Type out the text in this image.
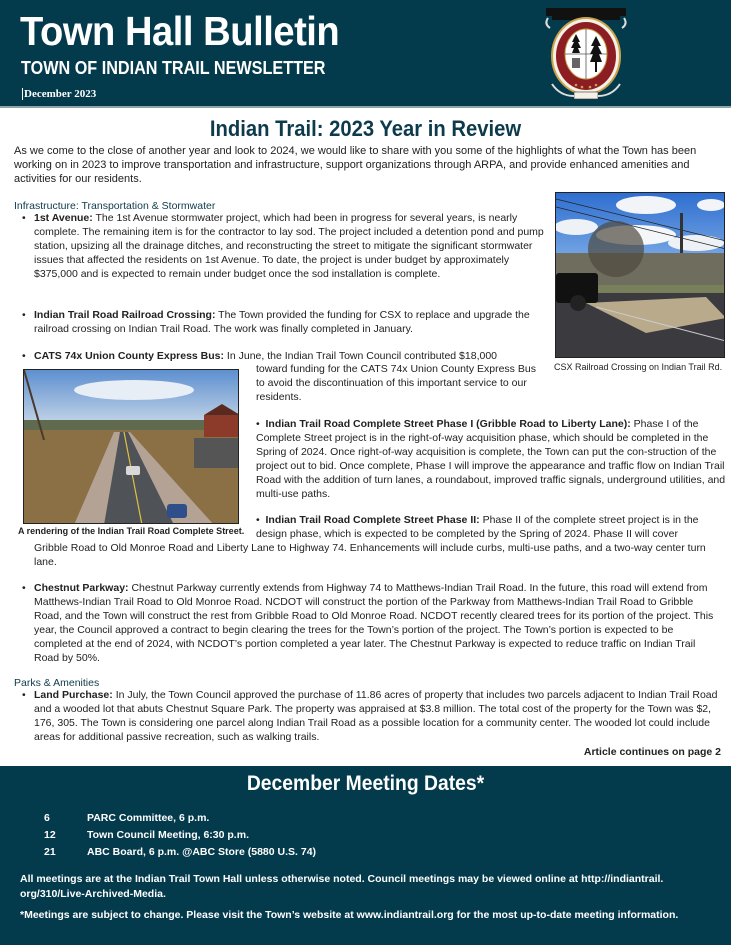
Town Hall Bulletin
TOWN OF INDIAN TRAIL NEWSLETTER
December 2023
Indian Trail: 2023 Year in Review

As we come to the close of another year and look to 2024, we would like to share with you some of the highlights of what the Town has been working on in 2023 to improve transportation and infrastructure, support organizations through ARPA, and provide enhanced amenities and activities for our residents.

Infrastructure: Transportation & Stormwater
• 1st Avenue: The 1st Avenue stormwater project, which had been in progress for several years, is nearly complete. The remaining item is for the contractor to lay sod. The project included a detention pond and pump station, upsizing all the drainage ditches, and reconstructing the street to mitigate the significant stormwater issues that affected the residents on 1st Avenue. To date, the project is under budget by approximately $375,000 and is expected to remain under budget once the sod installation is complete.
• Indian Trail Road Railroad Crossing: The Town provided the funding for CSX to replace and upgrade the railroad crossing on Indian Trail Road. The work was finally completed in January.
• CATS 74x Union County Express Bus: In June, the Indian Trail Town Council contributed $18,000
toward funding for the CATS 74x Union County Express Bus to avoid the discontinuation of this important service to our residents.
•  Indian Trail Road Complete Street Phase I (Gribble Road to Liberty Lane): Phase I of the Complete Street project is in the right-of-way acquisition phase, which should be completed in the Spring of 2024. Once right-of-way acquisition is complete, the Town can put the con-struction of the project out to bid. Once complete, Phase I will improve the appearance and traffic flow on Indian Trail Road with the addition of turn lanes, a roundabout, improved traffic signals, underground utilities, and multi-use paths.
•  Indian Trail Road Complete Street Phase II: Phase II of the complete street project is in the design phase, which is expected to be completed by the Spring of 2024. Phase II will cover
Gribble Road to Old Monroe Road and Liberty Lane to Highway 74. Enhancements will include curbs, multi-use paths, and a two-way center turn lane.
• Chestnut Parkway: Chestnut Parkway currently extends from Highway 74 to Matthews-Indian Trail Road. In the future, this road will extend from Matthews-Indian Trail Road to Old Monroe Road. NCDOT will construct the portion of the Parkway from Matthews-Indian Trail Road to Gribble Road, and the Town will construct the rest from Gribble Road to Old Monroe Road. NCDOT recently cleared trees for its portion of the project. This year, the Council approved a contract to begin clearing the trees for the Town’s portion of the project. The Town’s portion is expected to be completed at the end of 2024, with NCDOT’s portion completed a year later. The Chestnut Parkway is expected to reduce traffic on Indian Trail Road by 50%.
Parks & Amenities
• Land Purchase: In July, the Town Council approved the purchase of 11.86 acres of property that includes two parcels adjacent to Indian Trail Road and a wooded lot that abuts Chestnut Square Park. The property was appraised at $3.8 million. The total cost of the property for the Town was $2, 176, 305. The Town is considering one parcel along Indian Trail Road as a possible location for a community center. The wooded lot could include areas for additional passive recreation, such as walking trails.
CSX Railroad Crossing on Indian Trail Rd.
A rendering of the Indian Trail Road Complete Street.
Article continues on page 2
December Meeting Dates*
6	PARC Committee, 6 p.m.
12	Town Council Meeting, 6:30 p.m.
21	ABC Board, 6 p.m. @ABC Store (5880 U.S. 74)

All meetings are at the Indian Trail Town Hall unless otherwise noted. Council meetings may be viewed online at http://indiantrail. org/310/Live-Archived-Media.

*Meetings are subject to change. Please visit the Town’s website at www.indiantrail.org for the most up-to-date meeting information.
